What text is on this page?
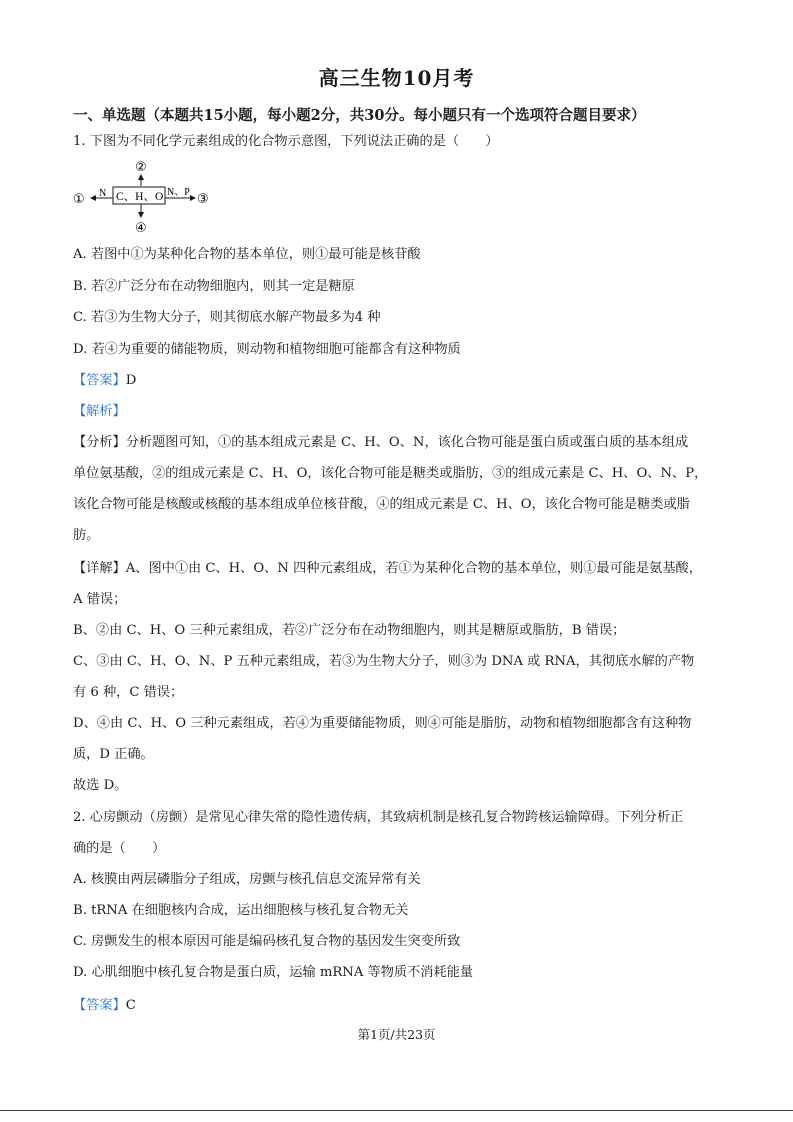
高三生物10月考
一、单选题（本题共15小题，每小题2分，共30分。每小题只有一个选项符合题目要求）
1. 下图为不同化学元素组成的化合物示意图，下列说法正确的是（　　）
②
C、H、O
N
①	N、P ③
④
A. 若图中①为某种化合物的基本单位，则①最可能是核苷酸
B. 若②广泛分布在动物细胞内，则其一定是糖原
C. 若③为生物大分子，则其彻底水解产物最多为4 种
D. 若④为重要的储能物质，则动物和植物细胞可能都含有这种物质
【答案】D
【解析】
【分析】分析题图可知，①的基本组成元素是 C、H、O、N，该化合物可能是蛋白质或蛋白质的基本组成
单位氨基酸，②的组成元素是 C、H、O，该化合物可能是糖类或脂肪，③的组成元素是 C、H、O、N、P，
该化合物可能是核酸或核酸的基本组成单位核苷酸，④的组成元素是 C、H、O，该化合物可能是糖类或脂
肪。
【详解】A、图中①由 C、H、O、N 四种元素组成，若①为某种化合物的基本单位，则①最可能是氨基酸，
A 错误；
B、②由 C、H、O 三种元素组成，若②广泛分布在动物细胞内，则其是糖原或脂肪，B 错误；
C、③由 C、H、O、N、P 五种元素组成，若③为生物大分子，则③为 DNA 或 RNA，其彻底水解的产物
有 6 种，C 错误；
D、④由 C、H、O 三种元素组成，若④为重要储能物质，则④可能是脂肪，动物和植物细胞都含有这种物
质，D 正确。
故选 D。
2. 心房颤动（房颤）是常见心律失常的隐性遗传病，其致病机制是核孔复合物跨核运输障碍。下列分析正
确的是（　　）
A. 核膜由两层磷脂分子组成，房颤与核孔信息交流异常有关
B. tRNA 在细胞核内合成，运出细胞核与核孔复合物无关
C. 房颤发生的根本原因可能是编码核孔复合物的基因发生突变所致
D. 心肌细胞中核孔复合物是蛋白质，运输 mRNA 等物质不消耗能量
【答案】C
第1页/共23页
